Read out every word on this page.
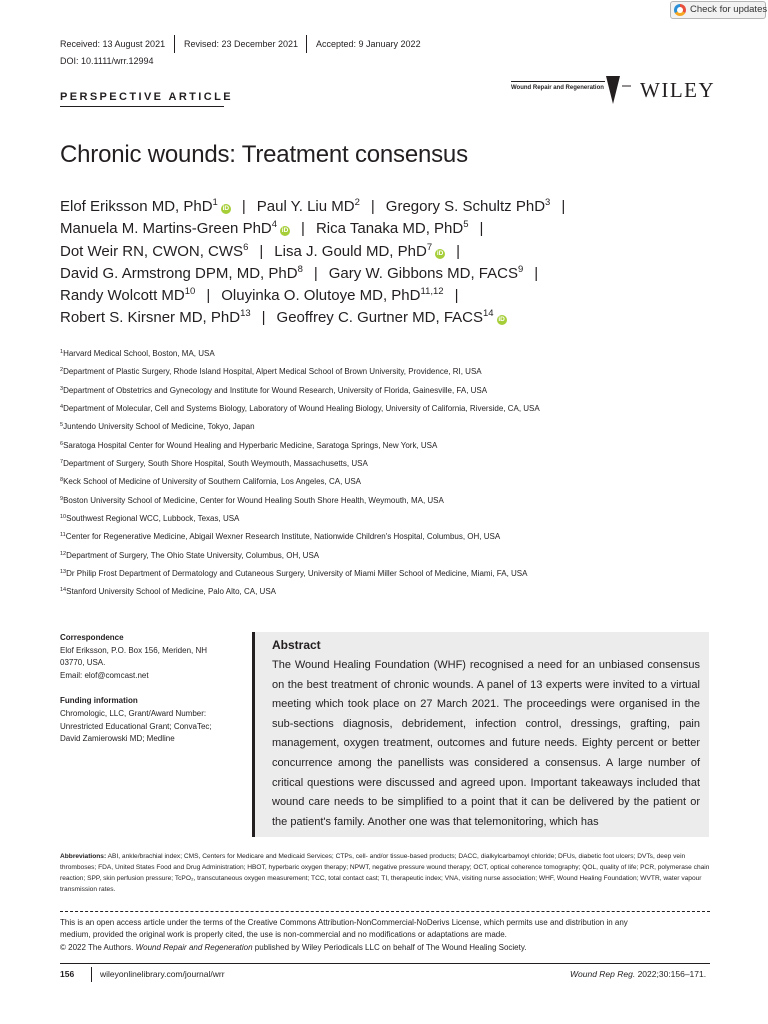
Check for updates
Received: 13 August 2021 Revised: 23 December 2021 Accepted: 9 January 2022
DOI: 10.1111/wrr.12994
PERSPECTIVE ARTICLE
Wound Repair and Regeneration WILEY
Chronic wounds: Treatment consensus
Elof Eriksson MD, PhD$^1$iD | Paul Y. Liu $MD^2$ | Gregory S. Schultz PhD$^3$ |
Manuela M. Martins-Green PhD$^4$iD | Rica Tanaka MD, PhD$^5$ |
Dot Weir RN, CWON, CWS$^6$ | Lisa J. Gould MD, PhD$^7$iD |
David G. Armstrong DPM, MD, PhD$^8$ | Gary W. Gibbons MD, FACS$^9$ |
Randy Wolcott MD$^{10}$ | Oluyinka O. Olutoye MD, PhD$^{11,12}$ |
Robert S. Kirsner MD, PhD$^{13}$ | Geoffrey C. Gurtner MD, FACS$^{14}$iD
$^1$Harvard Medical School, Boston, MA, USA
$^2$Department of Plastic Surgery, Rhode Island Hospital, Alpert Medical School of Brown University, Providence, RI, USA
$^3$Department of Obstetrics and Gynecology and Institute for Wound Research, University of Florida, Gainesville, FA, USA
$^4$Department of Molecular, Cell and Systems Biology, Laboratory of Wound Healing Biology, University of California, Riverside, CA, USA
$^5$Juntendo University School of Medicine, Tokyo, Japan
$^6$Saratoga Hospital Center for Wound Healing and Hyperbaric Medicine, Saratoga Springs, New York, USA
$^7$Department of Surgery, South Shore Hospital, South Weymouth, Massachusetts, USA
$^8$Keck School of Medicine of University of Southern California, Los Angeles, CA, USA
$^9$Boston University School of Medicine, Center for Wound Healing South Shore Health, Weymouth, MA, USA
$^{10}$Southwest Regional WCC, Lubbock, Texas, USA
$^{11}$Center for Regenerative Medicine, Abigail Wexner Research Institute, Nationwide Children's Hospital, Columbus, OH, USA
$^{12}$Department of Surgery, The Ohio State University, Columbus, OH, USA
$^{13}$Dr Philip Frost Department of Dermatology and Cutaneous Surgery, University of Miami Miller School of Medicine, Miami, FA, USA
$^{14}$Stanford University School of Medicine, Palo Alto, CA, USA
Correspondence
Elof Eriksson, P.O. Box 156, Meriden, NH
03770, USA.
Email: elof@comcast.net
Funding information
Chromologic, LLC, Grant/Award Number:
Unrestricted Educational Grant; ConvaTec;
David Zamierowski MD; Medline
Abstract
The Wound Healing Foundation (WHF) recognised a need for an unbiased consensus on the best treatment of chronic wounds. A panel of 13 experts were invited to a virtual meeting which took place on 27 March 2021. The proceedings were organised in the sub-sections diagnosis, debridement, infection control, dressings, grafting, pain management, oxygen treatment, outcomes and future needs. Eighty percent or better concurrence among the panellists was considered a consensus. A large number of critical questions were discussed and agreed upon. Important takeaways included that wound care needs to be simplified to a point that it can be delivered by the patient or the patient's family. Another one was that telemonitoring, which has
Abbreviations: ABI, ankle/brachial index; CMS, Centers for Medicare and Medicaid Services; CTPs, cell- and/or tissue-based products; DACC, dialkylcarbamoyl chloride; DFUs, diabetic foot ulcers; DVTs, deep vein thromboses; FDA, United States Food and Drug Administration; HBOT, hyperbaric oxygen therapy; NPWT, negative pressure wound therapy; OCT, optical coherence tomography; QOL, quality of life; PCR, polymerase chain reaction; SPP, skin perfusion pressure; TcPO₂, transcutaneous oxygen measurement; TCC, total contact cast; TI, therapeutic index; VNA, visiting nurse association; WHF, Wound Healing Foundation; WVTR, water vapour transmission rates.
This is an open access article under the terms of the Creative Commons Attribution-NonCommercial-NoDerivs License, which permits use and distribution in any
medium, provided the original work is properly cited, the use is non-commercial and no modifications or adaptations are made.
© 2022 The Authors. Wound Repair and Regeneration published by Wiley Periodicals LLC on behalf of The Wound Healing Society.
156	wileyonlinelibrary.com/journal/wrr	Wound Rep Reg. 2022;30:156–171.
